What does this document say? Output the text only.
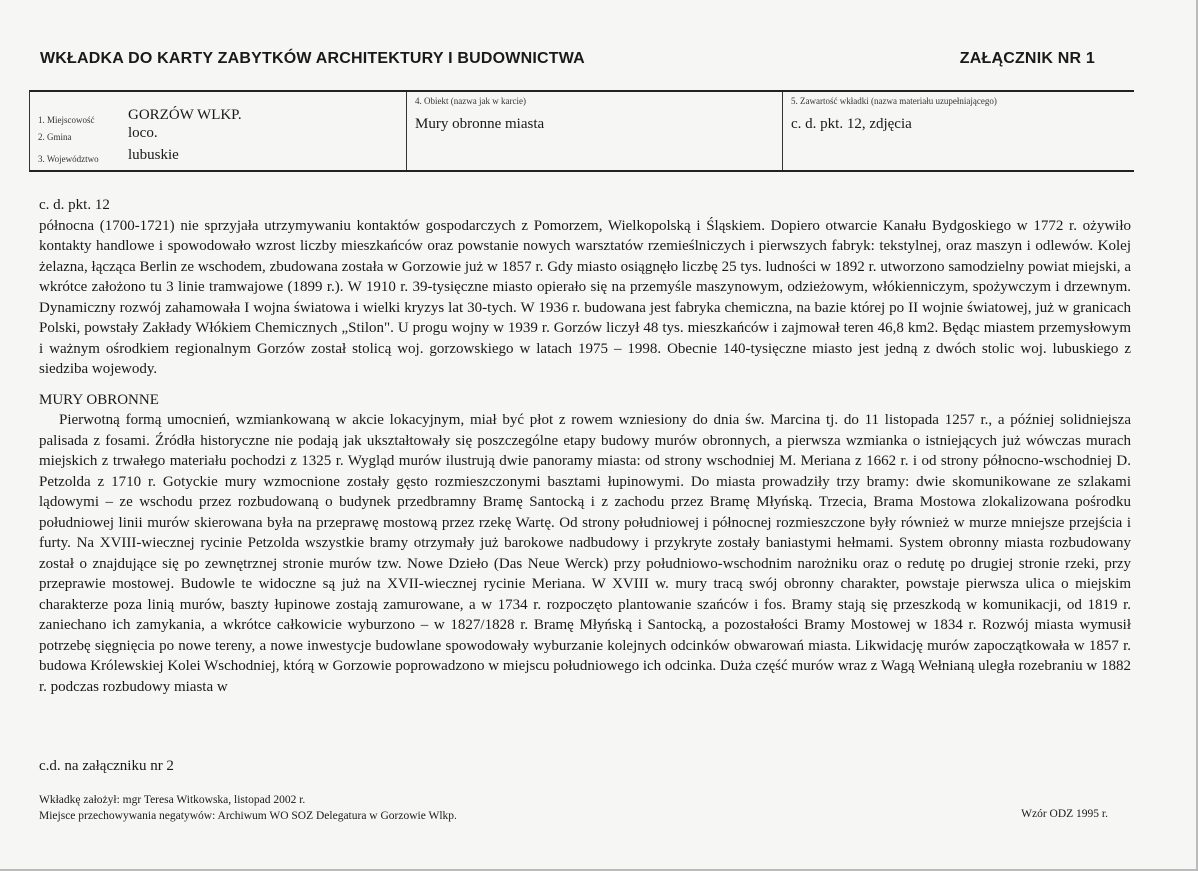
WKŁADKA DO KARTY ZABYTKÓW ARCHITEKTURY I BUDOWNICTWA	ZAŁĄCZNIK NR 1
1. Miejscowość GORZÓW WLKP.
2. Gmina	loco.
3. Województwo lubuskie
4. Obiekt (nazwa jak w karcie)
Mury obronne miasta
5. Zawartość wkładki (nazwa materiału uzupełniającego)
c. d. pkt. 12, zdjęcia

c. d. pkt. 12

północna (1700-1721) nie sprzyjała utrzymywaniu kontaktów gospodarczych z Pomorzem, Wielkopolską i Śląskiem. Dopiero otwarcie Kanału Bydgoskiego w 1772 r. ożywiło kontakty handlowe i spowodowało wzrost liczby mieszkańców oraz powstanie nowych warsztatów rzemieślniczych i pierwszych fabryk: tekstylnej, oraz maszyn i odlewów. Kolej żelazna, łącząca Berlin ze wschodem, zbudowana została w Gorzowie już w 1857 r. Gdy miasto osiągnęło liczbę 25 tys. ludności w 1892 r. utworzono samodzielny powiat miejski, a wkrótce założono tu 3 linie tramwajowe (1899 r.). W 1910 r. 39-tysięczne miasto opierało się na przemyśle maszynowym, odzieżowym, włókienniczym, spożywczym i drzewnym. Dynamiczny rozwój zahamowała I wojna światowa i wielki kryzys lat 30-tych. W 1936 r. budowana jest fabryka chemiczna, na bazie której po II wojnie światowej, już w granicach Polski, powstały Zakłady Włókiem Chemicznych „Stilon". U progu wojny w 1939 r. Gorzów liczył 48 tys. mieszkańców i zajmował teren 46,8 km2. Będąc miastem przemysłowym i ważnym ośrodkiem regionalnym Gorzów został stolicą woj. gorzowskiego w latach 1975 – 1998. Obecnie 140-tysięczne miasto jest jedną z dwóch stolic woj. lubuskiego z siedziba wojewody.

MURY OBRONNE

Pierwotną formą umocnień, wzmiankowaną w akcie lokacyjnym, miał być płot z rowem wzniesiony do dnia św. Marcina tj. do 11 listopada 1257 r., a później solidniejsza palisada z fosami. Źródła historyczne nie podają jak ukształtowały się poszczególne etapy budowy murów obronnych, a pierwsza wzmianka o istniejących już wówczas murach miejskich z trwałego materiału pochodzi z 1325 r. Wygląd murów ilustrują dwie panoramy miasta: od strony wschodniej M. Meriana z 1662 r. i od strony północno-wschodniej D. Petzolda z 1710 r. Gotyckie mury wzmocnione zostały gęsto rozmieszczonymi basztami łupinowymi. Do miasta prowadziły trzy bramy: dwie skomunikowane ze szlakami lądowymi – ze wschodu przez rozbudowaną o budynek przedbramny Bramę Santocką i z zachodu przez Bramę Młyńską. Trzecia, Brama Mostowa zlokalizowana pośrodku południowej linii murów skierowana była na przeprawę mostową przez rzekę Wartę. Od strony południowej i północnej rozmieszczone były również w murze mniejsze przejścia i furty. Na XVIII-wiecznej rycinie Petzolda wszystkie bramy otrzymały już barokowe nadbudowy i przykryte zostały baniastymi hełmami. System obronny miasta rozbudowany został o znajdujące się po zewnętrznej stronie murów tzw. Nowe Dzieło (Das Neue Werck) przy południowo-wschodnim narożniku oraz o redutę po drugiej stronie rzeki, przy przeprawie mostowej. Budowle te widoczne są już na XVII-wiecznej rycinie Meriana. W XVIII w. mury tracą swój obronny charakter, powstaje pierwsza ulica o miejskim charakterze poza linią murów, baszty łupinowe zostają zamurowane, a w 1734 r. rozpoczęto plantowanie szańców i fos. Bramy stają się przeszkodą w komunikacji, od 1819 r. zaniechano ich zamykania, a wkrótce całkowicie wyburzono – w 1827/1828 r. Bramę Młyńską i Santocką, a pozostałości Bramy Mostowej w 1834 r. Rozwój miasta wymusił potrzebę sięgnięcia po nowe tereny, a nowe inwestycje budowlane spowodowały wyburzanie kolejnych odcinków obwarowań miasta. Likwidację murów zapoczątkowała w 1857 r. budowa Królewskiej Kolei Wschodniej, którą w Gorzowie poprowadzono w miejscu południowego ich odcinka. Duża część murów wraz z Wagą Wełnianą uległa rozebraniu w 1882 r. podczas rozbudowy miasta w

c.d. na załączniku nr 2
Wkładkę założył: mgr Teresa Witkowska, listopad 2002 r.
Miejsce przechowywania negatywów: Archiwum WO SOZ Delegatura w Gorzowie Wlkp.	Wzór ODZ 1995 r.
